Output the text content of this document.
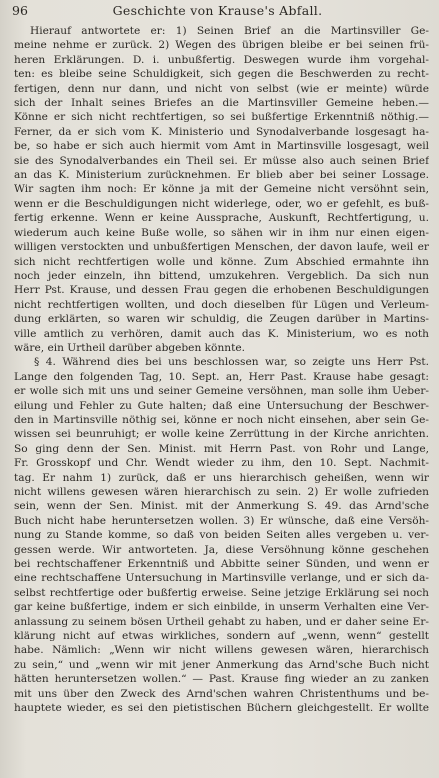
96	Geschichte von Krause's Abfall.
Hierauf antwortete er: 1) Seinen Brief an die Martinsviller Ge-
meine nehme er zurück. 2) Wegen des übrigen bleibe er bei seinen frü-
heren Erklärungen. D. i. unbußfertig. Deswegen wurde ihm vorgehal-
ten: es bleibe seine Schuldigkeit, sich gegen die Beschwerden zu recht-
fertigen, denn nur dann, und nicht von selbst (wie er meinte) würde
sich der Inhalt seines Briefes an die Martinsviller Gemeine heben.—
Könne er sich nicht rechtfertigen, so sei bußfertige Erkenntniß nöthig.—
Ferner, da er sich vom K. Ministerio und Synodalverbande losgesagt ha-
be, so habe er sich auch hiermit vom Amt in Martinsville losgesagt, weil
sie des Synodalverbandes ein Theil sei. Er müsse also auch seinen Brief
an das K. Ministerium zurücknehmen. Er blieb aber bei seiner Lossage.
Wir sagten ihm noch: Er könne ja mit der Gemeine nicht versöhnt sein,
wenn er die Beschuldigungen nicht widerlege, oder, wo er gefehlt, es buß-
fertig erkenne. Wenn er keine Aussprache, Auskunft, Rechtfertigung, u.
wiederum auch keine Buße wolle, so sähen wir in ihm nur einen eigen-
willigen verstockten und unbußfertigen Menschen, der davon laufe, weil er
sich nicht rechtfertigen wolle und könne. Zum Abschied ermahnte ihn
noch jeder einzeln, ihn bittend, umzukehren. Vergeblich. Da sich nun
Herr Pst. Krause, und dessen Frau gegen die erhobenen Beschuldigungen
nicht rechtfertigen wollten, und doch dieselben für Lügen und Verleum-
dung erklärten, so waren wir schuldig, die Zeugen darüber in Martins-
ville amtlich zu verhören, damit auch das K. Ministerium, wo es noth
wäre, ein Urtheil darüber abgeben könnte.
§ 4. Während dies bei uns beschlossen war, so zeigte uns Herr Pst.
Lange den folgenden Tag, 10. Sept. an, Herr Past. Krause habe gesagt:
er wolle sich mit uns und seiner Gemeine versöhnen, man solle ihm Ueber-
eilung und Fehler zu Gute halten; daß eine Untersuchung der Beschwer-
den in Martinsville nöthig sei, könne er noch nicht einsehen, aber sein Ge-
wissen sei beunruhigt; er wolle keine Zerrüttung in der Kirche anrichten.
So ging denn der Sen. Minist. mit Herrn Past. von Rohr und Lange,
Fr. Grosskopf und Chr. Wendt wieder zu ihm, den 10. Sept. Nachmit-
tag. Er nahm 1) zurück, daß er uns hierarchisch geheißen, wenn wir
nicht willens gewesen wären hierarchisch zu sein. 2) Er wolle zufrieden
sein, wenn der Sen. Minist. mit der Anmerkung S. 49. das Arnd'sche
Buch nicht habe heruntersetzen wollen. 3) Er wünsche, daß eine Versöh-
nung zu Stande komme, so daß von beiden Seiten alles vergeben u. ver-
gessen werde. Wir antworteten. Ja, diese Versöhnung könne geschehen
bei rechtschaffener Erkenntniß und Abbitte seiner Sünden, und wenn er
eine rechtschaffene Untersuchung in Martinsville verlange, und er sich da-
selbst rechtfertige oder bußfertig erweise. Seine jetzige Erklärung sei noch
gar keine bußfertige, indem er sich einbilde, in unserm Verhalten eine Ver-
anlassung zu seinem bösen Urtheil gehabt zu haben, und er daher seine Er-
klärung nicht auf etwas wirkliches, sondern auf „wenn, wenn“ gestellt
habe. Nämlich: „Wenn wir nicht willens gewesen wären, hierarchisch
zu sein,“ und „wenn wir mit jener Anmerkung das Arnd'sche Buch nicht
hätten heruntersetzen wollen.“ — Past. Krause fing wieder an zu zanken
mit uns über den Zweck des Arnd'schen wahren Christenthums und be-
hauptete wieder, es sei den pietistischen Büchern gleichgestellt. Er wollte
